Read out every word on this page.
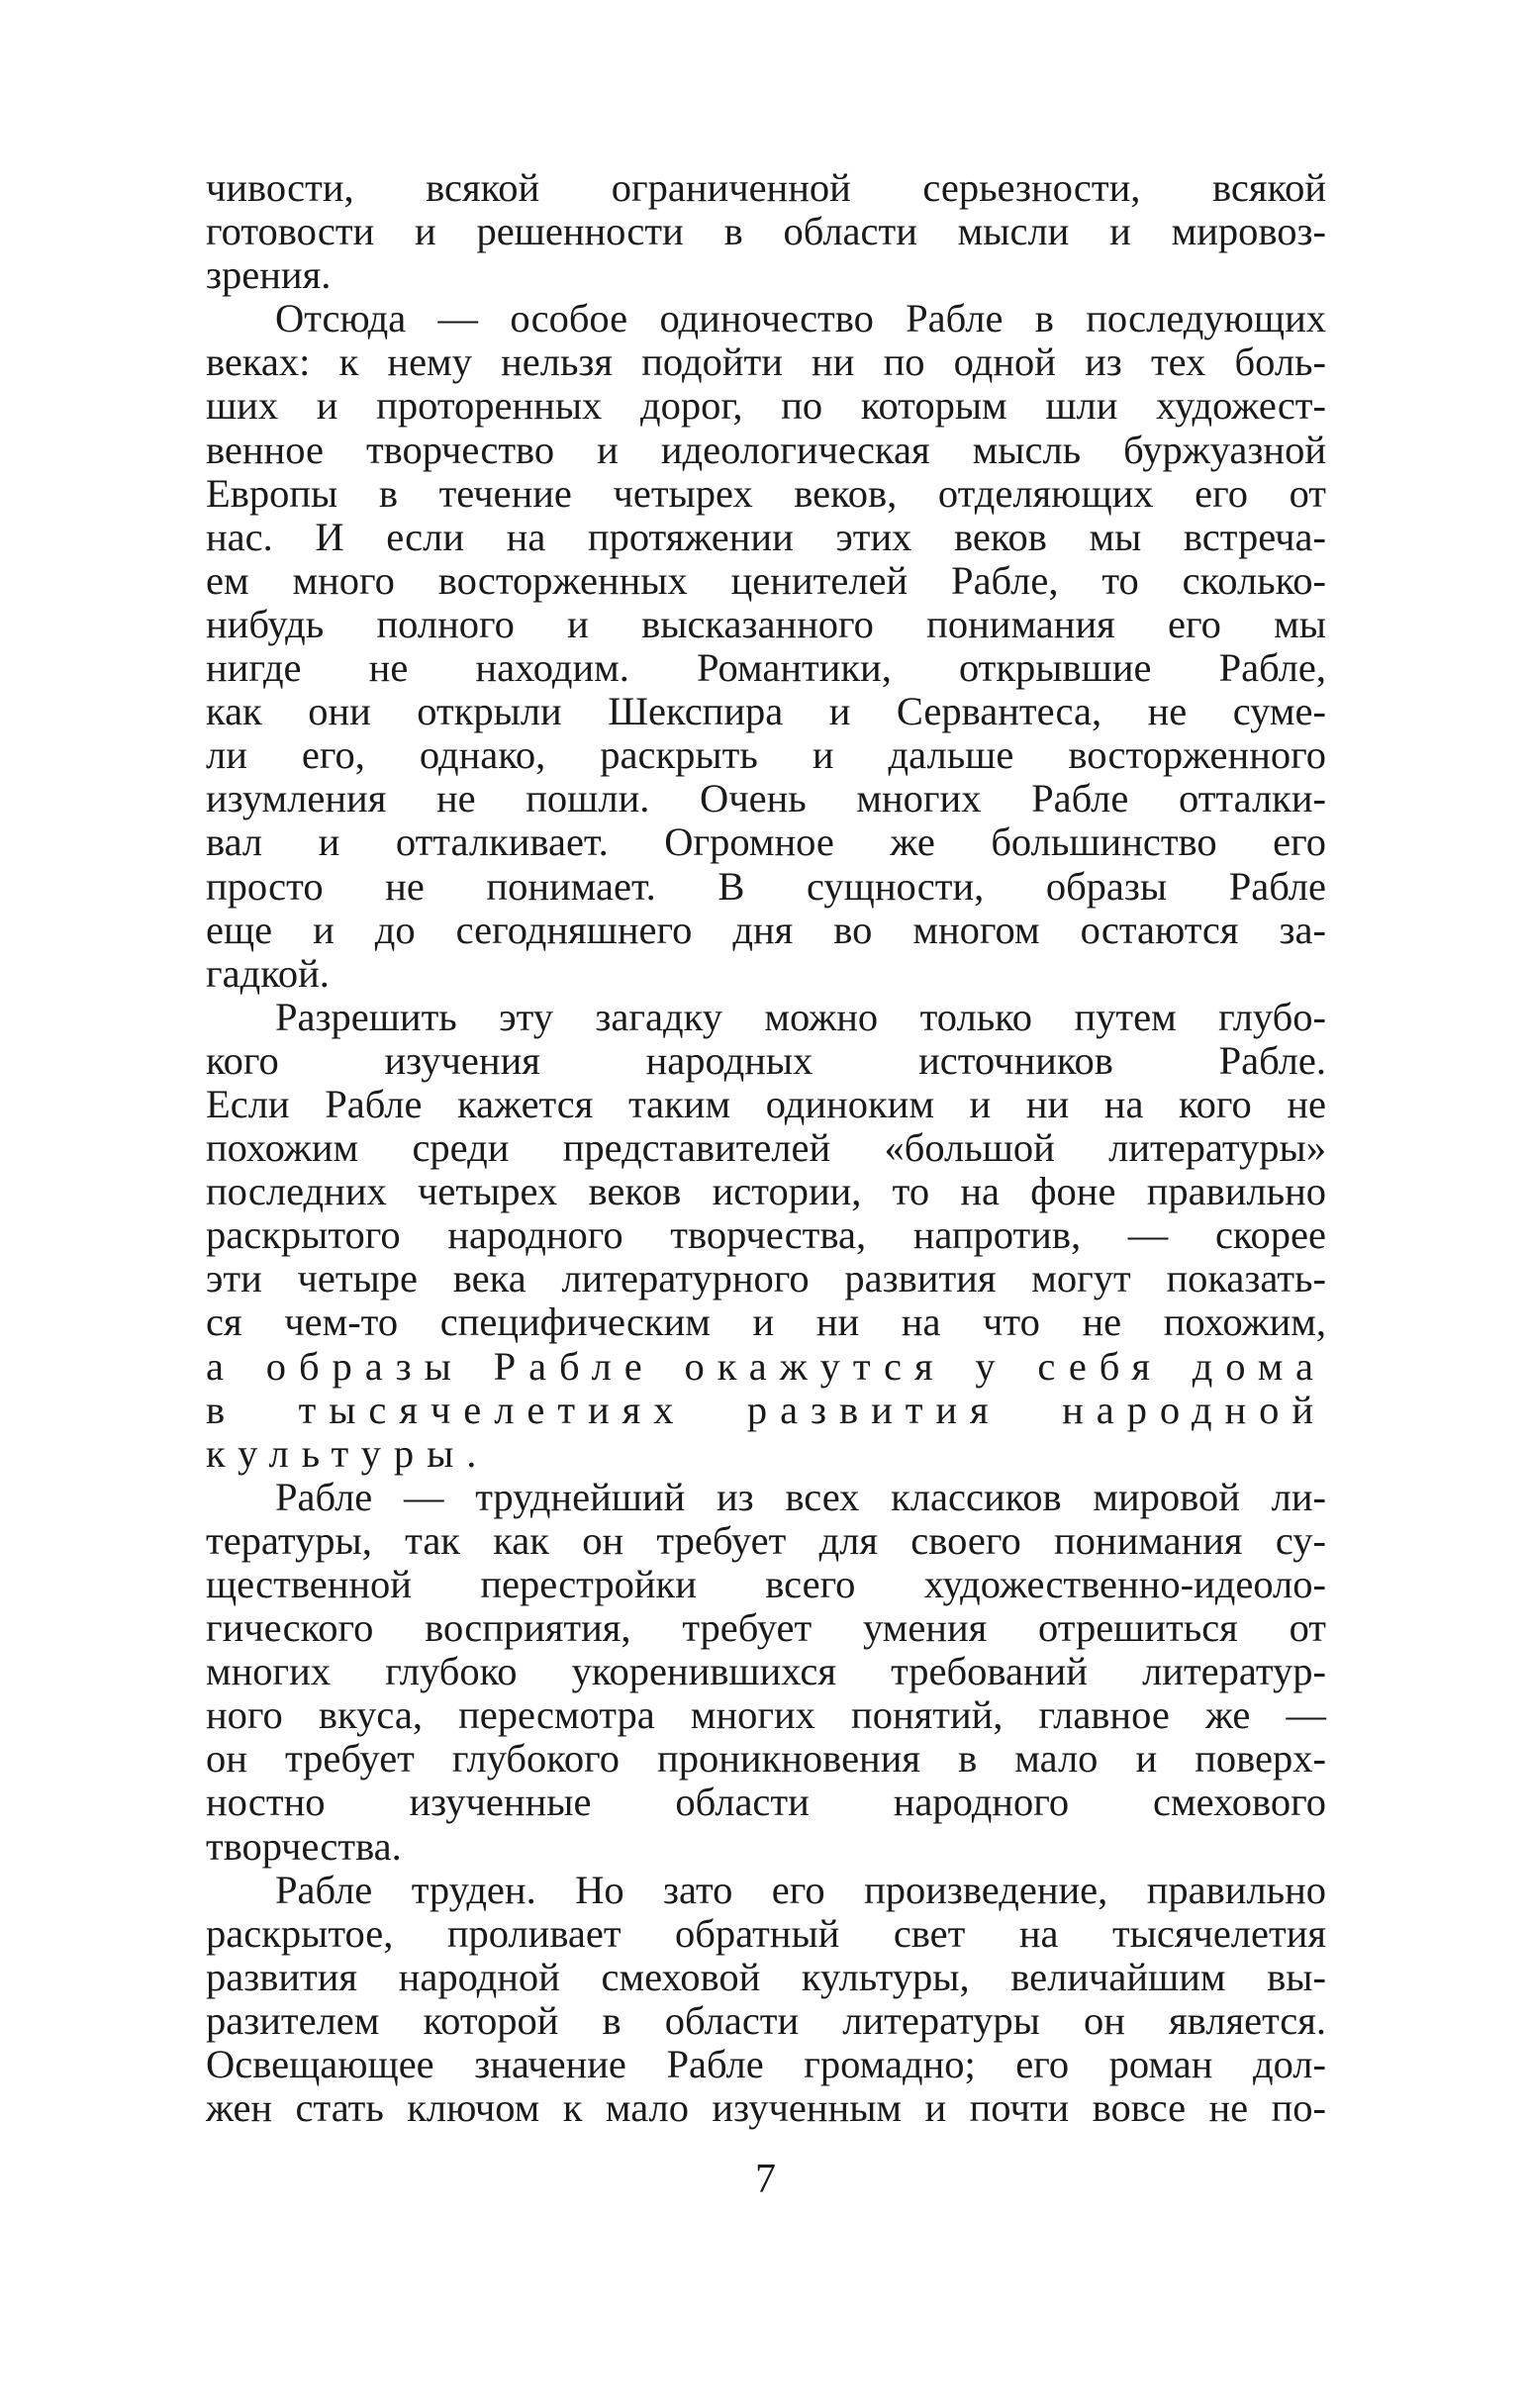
чивости, всякой ограниченной серьезности, всякой
готовости и решенности в области мысли и мировоз-
зрения.
Отсюда — особое одиночество Рабле в последующих
веках: к нему нельзя подойти ни по одной из тех боль-
ших и проторенных дорог, по которым шли художест-
венное творчество и идеологическая мысль буржуазной
Европы в течение четырех веков, отделяющих его от
нас. И если на протяжении этих веков мы встреча-
ем много восторженных ценителей Рабле, то сколько-
нибудь полного и высказанного понимания его мы
нигде не находим. Романтики, открывшие Рабле,
как они открыли Шекспира и Сервантеса, не суме-
ли его, однако, раскрыть и дальше восторженного
изумления не пошли. Очень многих Рабле отталки-
вал и отталкивает. Огромное же большинство его
просто не понимает. В сущности, образы Рабле
еще и до сегодняшнего дня во многом остаются за-
гадкой.
Разрешить эту загадку можно только путем глубо-
кого изучения народных источников Рабле.
Если Рабле кажется таким одиноким и ни на кого не
похожим среди представителей «большой литературы»
последних четырех веков истории, то на фоне правильно
раскрытого народного творчества, напротив, — скорее
эти четыре века литературного развития могут показать-
ся чем-то специфическим и ни на что не похожим,
а образы Рабле окажутся у себя дома
в тысячелетиях развития народной
культуры.
Рабле — труднейший из всех классиков мировой ли-
тературы, так как он требует для своего понимания су-
щественной перестройки всего художественно-идеоло-
гического восприятия, требует умения отрешиться от
многих глубоко укоренившихся требований литератур-
ного вкуса, пересмотра многих понятий, главное же —
он требует глубокого проникновения в мало и поверх-
ностно изученные области народного смехового
творчества.
Рабле труден. Но зато его произведение, правильно
раскрытое, проливает обратный свет на тысячелетия
развития народной смеховой культуры, величайшим вы-
разителем которой в области литературы он является.
Освещающее значение Рабле громадно; его роман дол-
жен стать ключом к мало изученным и почти вовсе не по-
7
